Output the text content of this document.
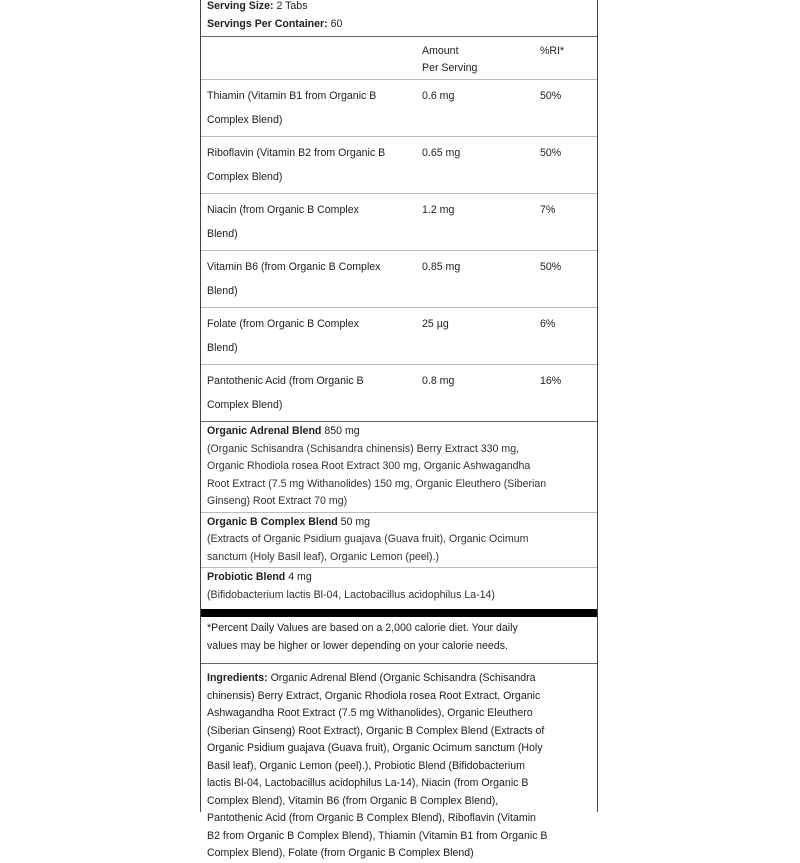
Serving Size: 2 Tabs
Servings Per Container: 60

	Amount
Per Serving	%RI*

Thiamin (Vitamin B1 from Organic B
Complex Blend)	0.6 mg	50%

Riboflavin (Vitamin B2 from Organic B
Complex Blend)	0.65 mg	50%

Niacin (from Organic B Complex
Blend)	1.2 mg	7%

Vitamin B6 (from Organic B Complex
Blend)	0.85 mg	50%

Folate (from Organic B Complex
Blend)	25 µg	6%

Pantothenic Acid (from Organic B
Complex Blend)	0.8 mg	16%
Organic Adrenal Blend 850 mg
(Organic Schisandra (Schisandra chinensis) Berry Extract 330 mg,
Organic Rhodiola rosea Root Extract 300 mg, Organic Ashwagandha
Root Extract (7.5 mg Withanolides) 150 mg, Organic Eleuthero (Siberian
Ginseng) Root Extract 70 mg)
Organic B Complex Blend 50 mg
(Extracts of Organic Psidium guajava (Guava fruit), Organic Ocimum
sanctum (Holy Basil leaf), Organic Lemon (peel).)
Probiotic Blend 4 mg
(Bifidobacterium lactis Bl-04, Lactobacillus acidophilus La-14)
*Percent Daily Values are based on a 2,000 calorie diet. Your daily
values may be higher or lower depending on your calorie needs.
Ingredients: Organic Adrenal Blend (Organic Schisandra (Schisandra
chinensis) Berry Extract, Organic Rhodiola rosea Root Extract, Organic
Ashwagandha Root Extract (7.5 mg Withanolides), Organic Eleuthero
(Siberian Ginseng) Root Extract), Organic B Complex Blend (Extracts of
Organic Psidium guajava (Guava fruit), Organic Ocimum sanctum (Holy
Basil leaf), Organic Lemon (peel).), Probiotic Blend (Bifidobacterium
lactis Bl-04, Lactobacillus acidophilus La-14), Niacin (from Organic B
Complex Blend), Vitamin B6 (from Organic B Complex Blend),
Pantothenic Acid (from Organic B Complex Blend), Riboflavin (Vitamin
B2 from Organic B Complex Blend), Thiamin (Vitamin B1 from Organic B
Complex Blend), Folate (from Organic B Complex Blend)
